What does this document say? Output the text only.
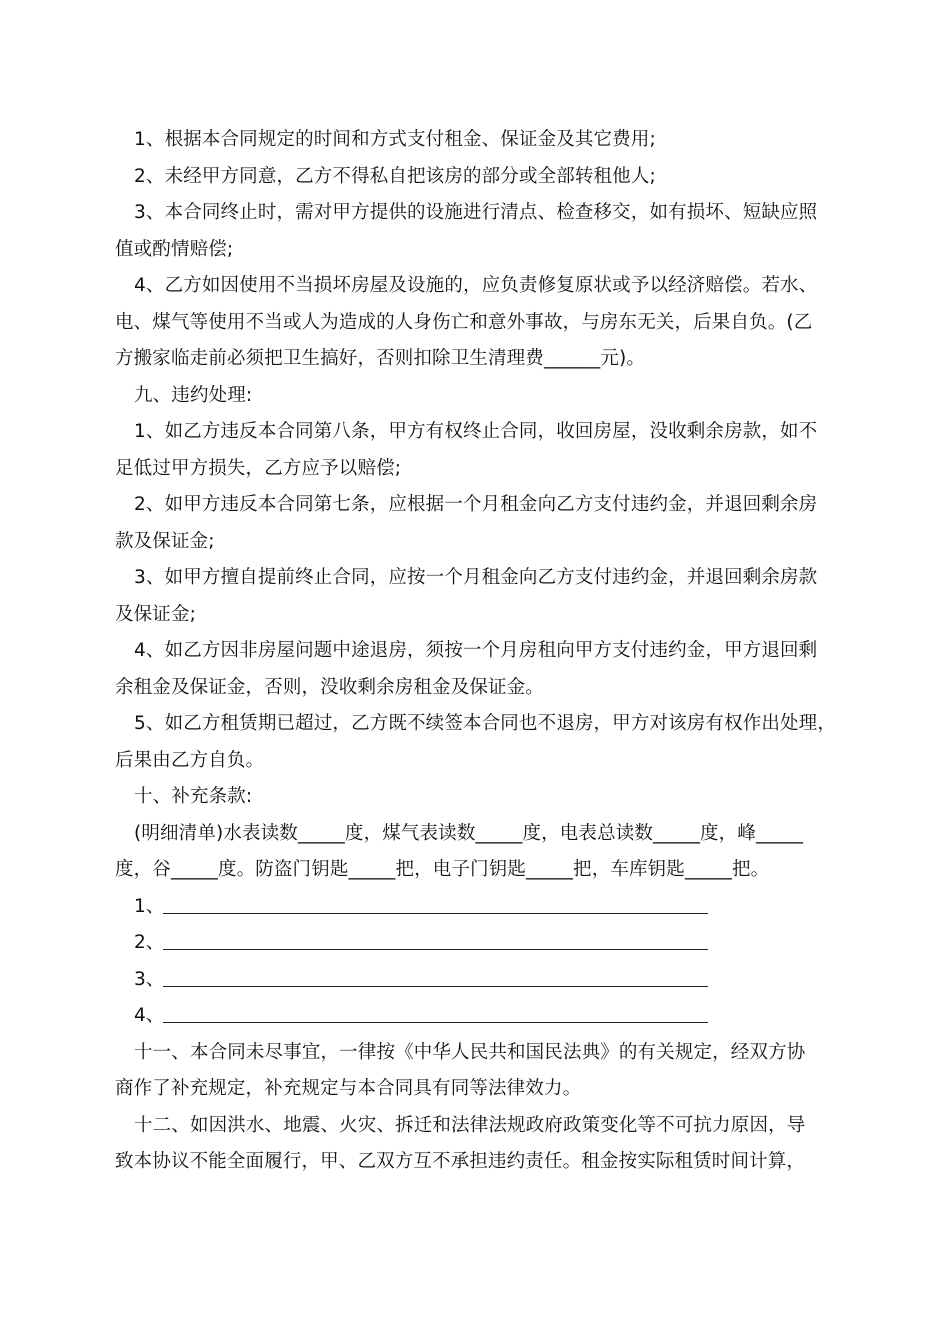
1、根据本合同规定的时间和方式支付租金、保证金及其它费用;

2、未经甲方同意，乙方不得私自把该房的部分或全部转租他人;

3、本合同终止时，需对甲方提供的设施进行清点、检查移交，如有损坏、短缺应照
值或酌情赔偿;

4、乙方如因使用不当损坏房屋及设施的，应负责修复原状或予以经济赔偿。若水、
电、煤气等使用不当或人为造成的人身伤亡和意外事故，与房东无关，后果自负。(乙
方搬家临走前必须把卫生搞好，否则扣除卫生清理费______元)。

九、违约处理:

1、如乙方违反本合同第八条，甲方有权终止合同，收回房屋，没收剩余房款，如不
足低过甲方损失，乙方应予以赔偿;

2、如甲方违反本合同第七条，应根据一个月租金向乙方支付违约金，并退回剩余房
款及保证金;

3、如甲方擅自提前终止合同，应按一个月租金向乙方支付违约金，并退回剩余房款
及保证金;

4、如乙方因非房屋问题中途退房，须按一个月房租向甲方支付违约金，甲方退回剩
余租金及保证金，否则，没收剩余房租金及保证金。

5、如乙方租赁期已超过，乙方既不续签本合同也不退房，甲方对该房有权作出处理，
后果由乙方自负。

十、补充条款:

(明细清单)水表读数_____度，煤气表读数_____度，电表总读数_____度，峰_____
度，谷_____度。防盗门钥匙_____把，电子门钥匙_____把，车库钥匙_____把。

1、
2、
3、
4、

十一、本合同未尽事宜，一律按《中华人民共和国民法典》的有关规定，经双方协
商作了补充规定，补充规定与本合同具有同等法律效力。

十二、如因洪水、地震、火灾、拆迁和法律法规政府政策变化等不可抗力原因，导
致本协议不能全面履行，甲、乙双方互不承担违约责任。租金按实际租赁时间计算，
